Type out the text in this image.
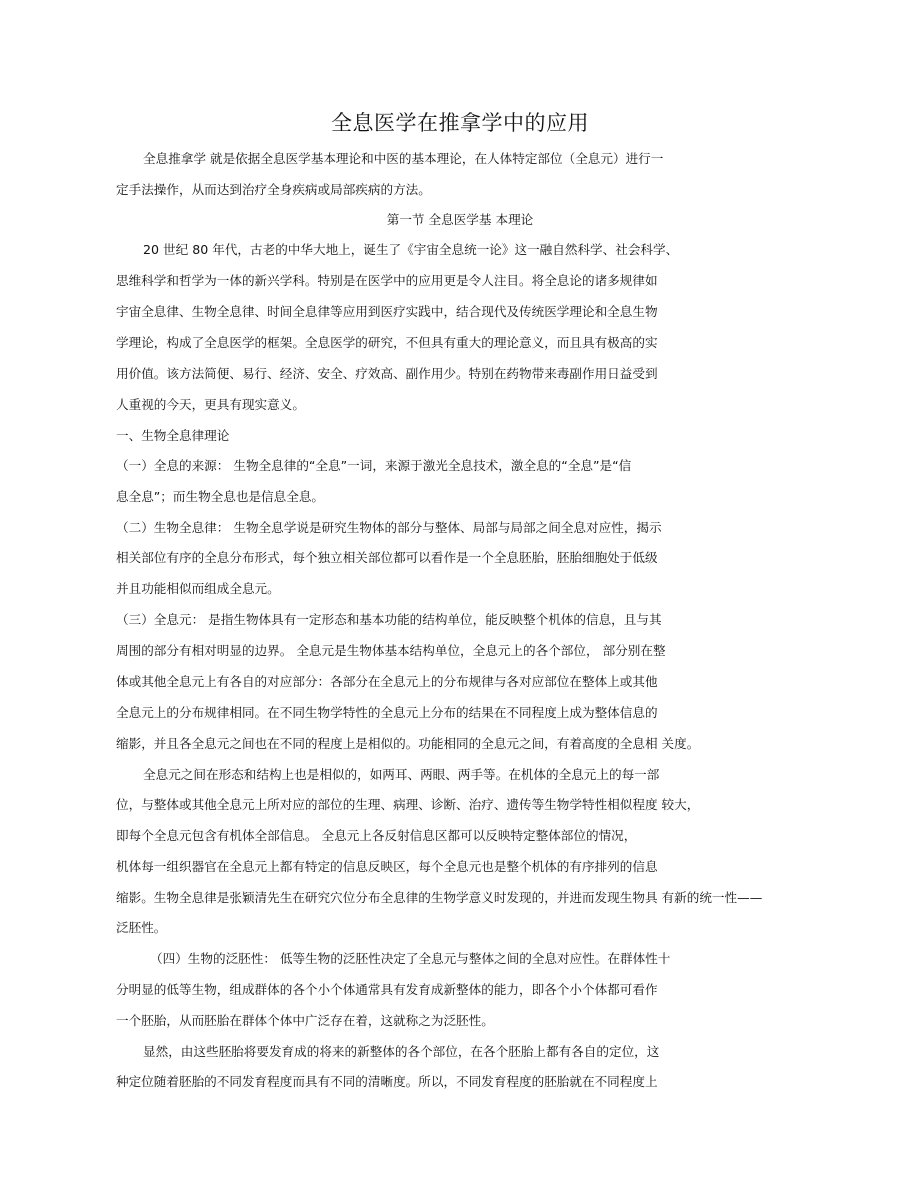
全息医学在推拿学中的应用

全息推拿学 就是依据全息医学基本理论和中医的基本理论，在人体特定部位（全息元）进行一

定手法操作，从而达到治疗全身疾病或局部疾病的方法。

第一节 全息医学基 本理论

20 世纪 80 年代，古老的中华大地上，诞生了《宇宙全息统一论》这一融自然科学、社会科学、

思维科学和哲学为一体的新兴学科。特别是在医学中的应用更是令人注目。将全息论的诸多规律如

宇宙全息律、生物全息律、时间全息律等应用到医疗实践中，结合现代及传统医学理论和全息生物

学理论，构成了全息医学的框架。全息医学的研究，不但具有重大的理论意义，而且具有极高的实

用价值。该方法简便、易行、经济、安全、疗效高、副作用少。特别在药物带来毒副作用日益受到

人重视的今天，更具有现实意义。

一、生物全息律理论

（一）全息的来源： 生物全息律的“全息”一词，来源于激光全息技术，激全息的“全息”是“信

息全息”；而生物全息也是信息全息。

（二）生物全息律： 生物全息学说是研究生物体的部分与整体、局部与局部之间全息对应性，揭示

相关部位有序的全息分布形式，每个独立相关部位都可以看作是一个全息胚胎，胚胎细胞处于低级

并且功能相似而组成全息元。

（三）全息元： 是指生物体具有一定形态和基本功能的结构单位，能反映整个机体的信息，且与其

周围的部分有相对明显的边界。 全息元是生物体基本结构单位，全息元上的各个部位， 部分别在整

体或其他全息元上有各自的对应部分：各部分在全息元上的分布规律与各对应部位在整体上或其他

全息元上的分布规律相同。在不同生物学特性的全息元上分布的结果在不同程度上成为整体信息的

缩影，并且各全息元之间也在不同的程度上是相似的。功能相同的全息元之间，有着高度的全息相 关度。

全息元之间在形态和结构上也是相似的，如两耳、两眼、两手等。在机体的全息元上的每一部

位，与整体或其他全息元上所对应的部位的生理、病理、诊断、治疗、遗传等生物学特性相似程度 较大，

即每个全息元包含有机体全部信息。 全息元上各反射信息区都可以反映特定整体部位的情况，

机体每一组织器官在全息元上都有特定的信息反映区，每个全息元也是整个机体的有序排列的信息

缩影。生物全息律是张颖清先生在研究穴位分布全息律的生物学意义时发现的，并进而发现生物具 有新的统一性——

泛胚性。

（四）生物的泛胚性： 低等生物的泛胚性决定了全息元与整体之间的全息对应性。在群体性十

分明显的低等生物，组成群体的各个小个体通常具有发育成新整体的能力，即各个小个体都可看作

一个胚胎，从而胚胎在群体个体中广泛存在着，这就称之为泛胚性。

显然，由这些胚胎将要发育成的将来的新整体的各个部位，在各个胚胎上都有各自的定位，这

种定位随着胚胎的不同发育程度而具有不同的清晰度。所以，不同发育程度的胚胎就在不同程度上
